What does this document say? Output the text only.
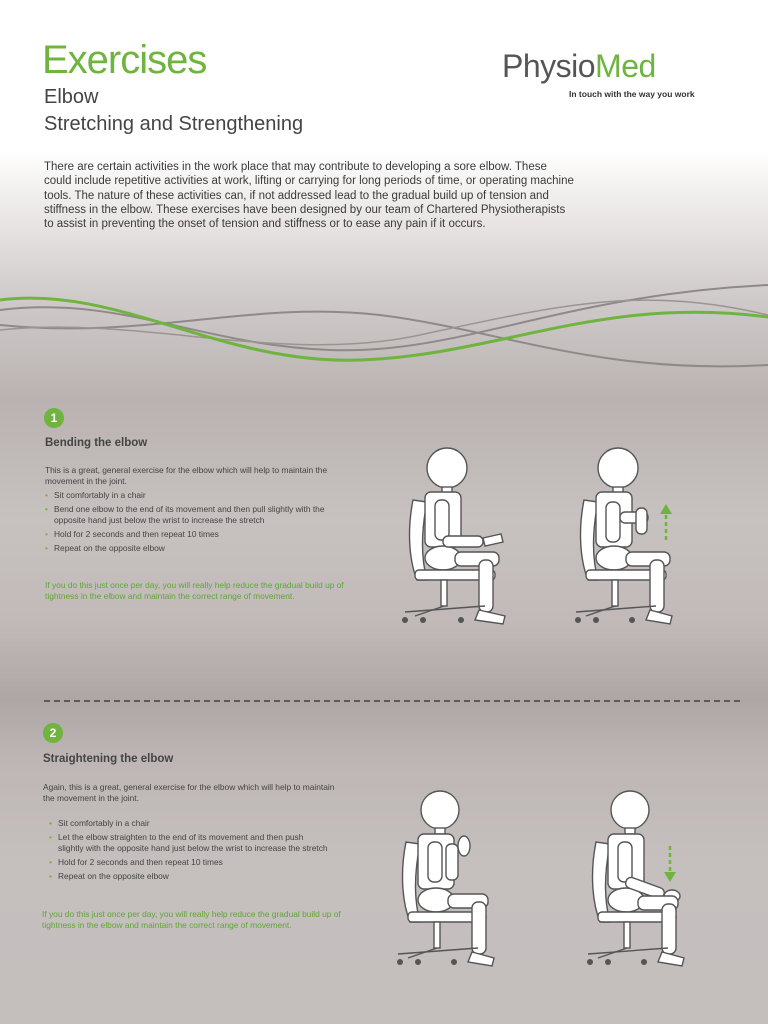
Exercises
Elbow
Stretching and Strengthening
PhysioMed
In touch with the way you work

There are certain activities in the work place that may contribute to developing a sore elbow. These could include repetitive activities at work, lifting or carrying for long periods of time, or operating machine tools. The nature of these activities can, if not addressed lead to the gradual build up of tension and stiffness in the elbow. These exercises have been designed by our team of Chartered Physiotherapists to assist in preventing the onset of tension and stiffness or to ease any pain if it occurs.

1
Bending the elbow

This is a great, general exercise for the elbow which will help to maintain the movement in the joint.

• Sit comfortably in a chair
• Bend one elbow to the end of its movement and then pull slightly with the opposite hand just below the wrist to increase the stretch
• Hold for 2 seconds and then repeat 10 times
• Repeat on the opposite elbow

If you do this just once per day, you will really help reduce the gradual build up of tightness in the elbow and maintain the correct range of movement.

2
Straightening the elbow

Again, this is a great, general exercise for the elbow which will help to maintain the movement in the joint.

• Sit comfortably in a chair
• Let the elbow straighten to the end of its movement and then push slightly with the opposite hand just below the wrist to increase the stretch
• Hold for 2 seconds and then repeat 10 times
• Repeat on the opposite elbow

If you do this just once per day, you will really help reduce the gradual build up of tightness in the elbow and maintain the correct range of movement.
